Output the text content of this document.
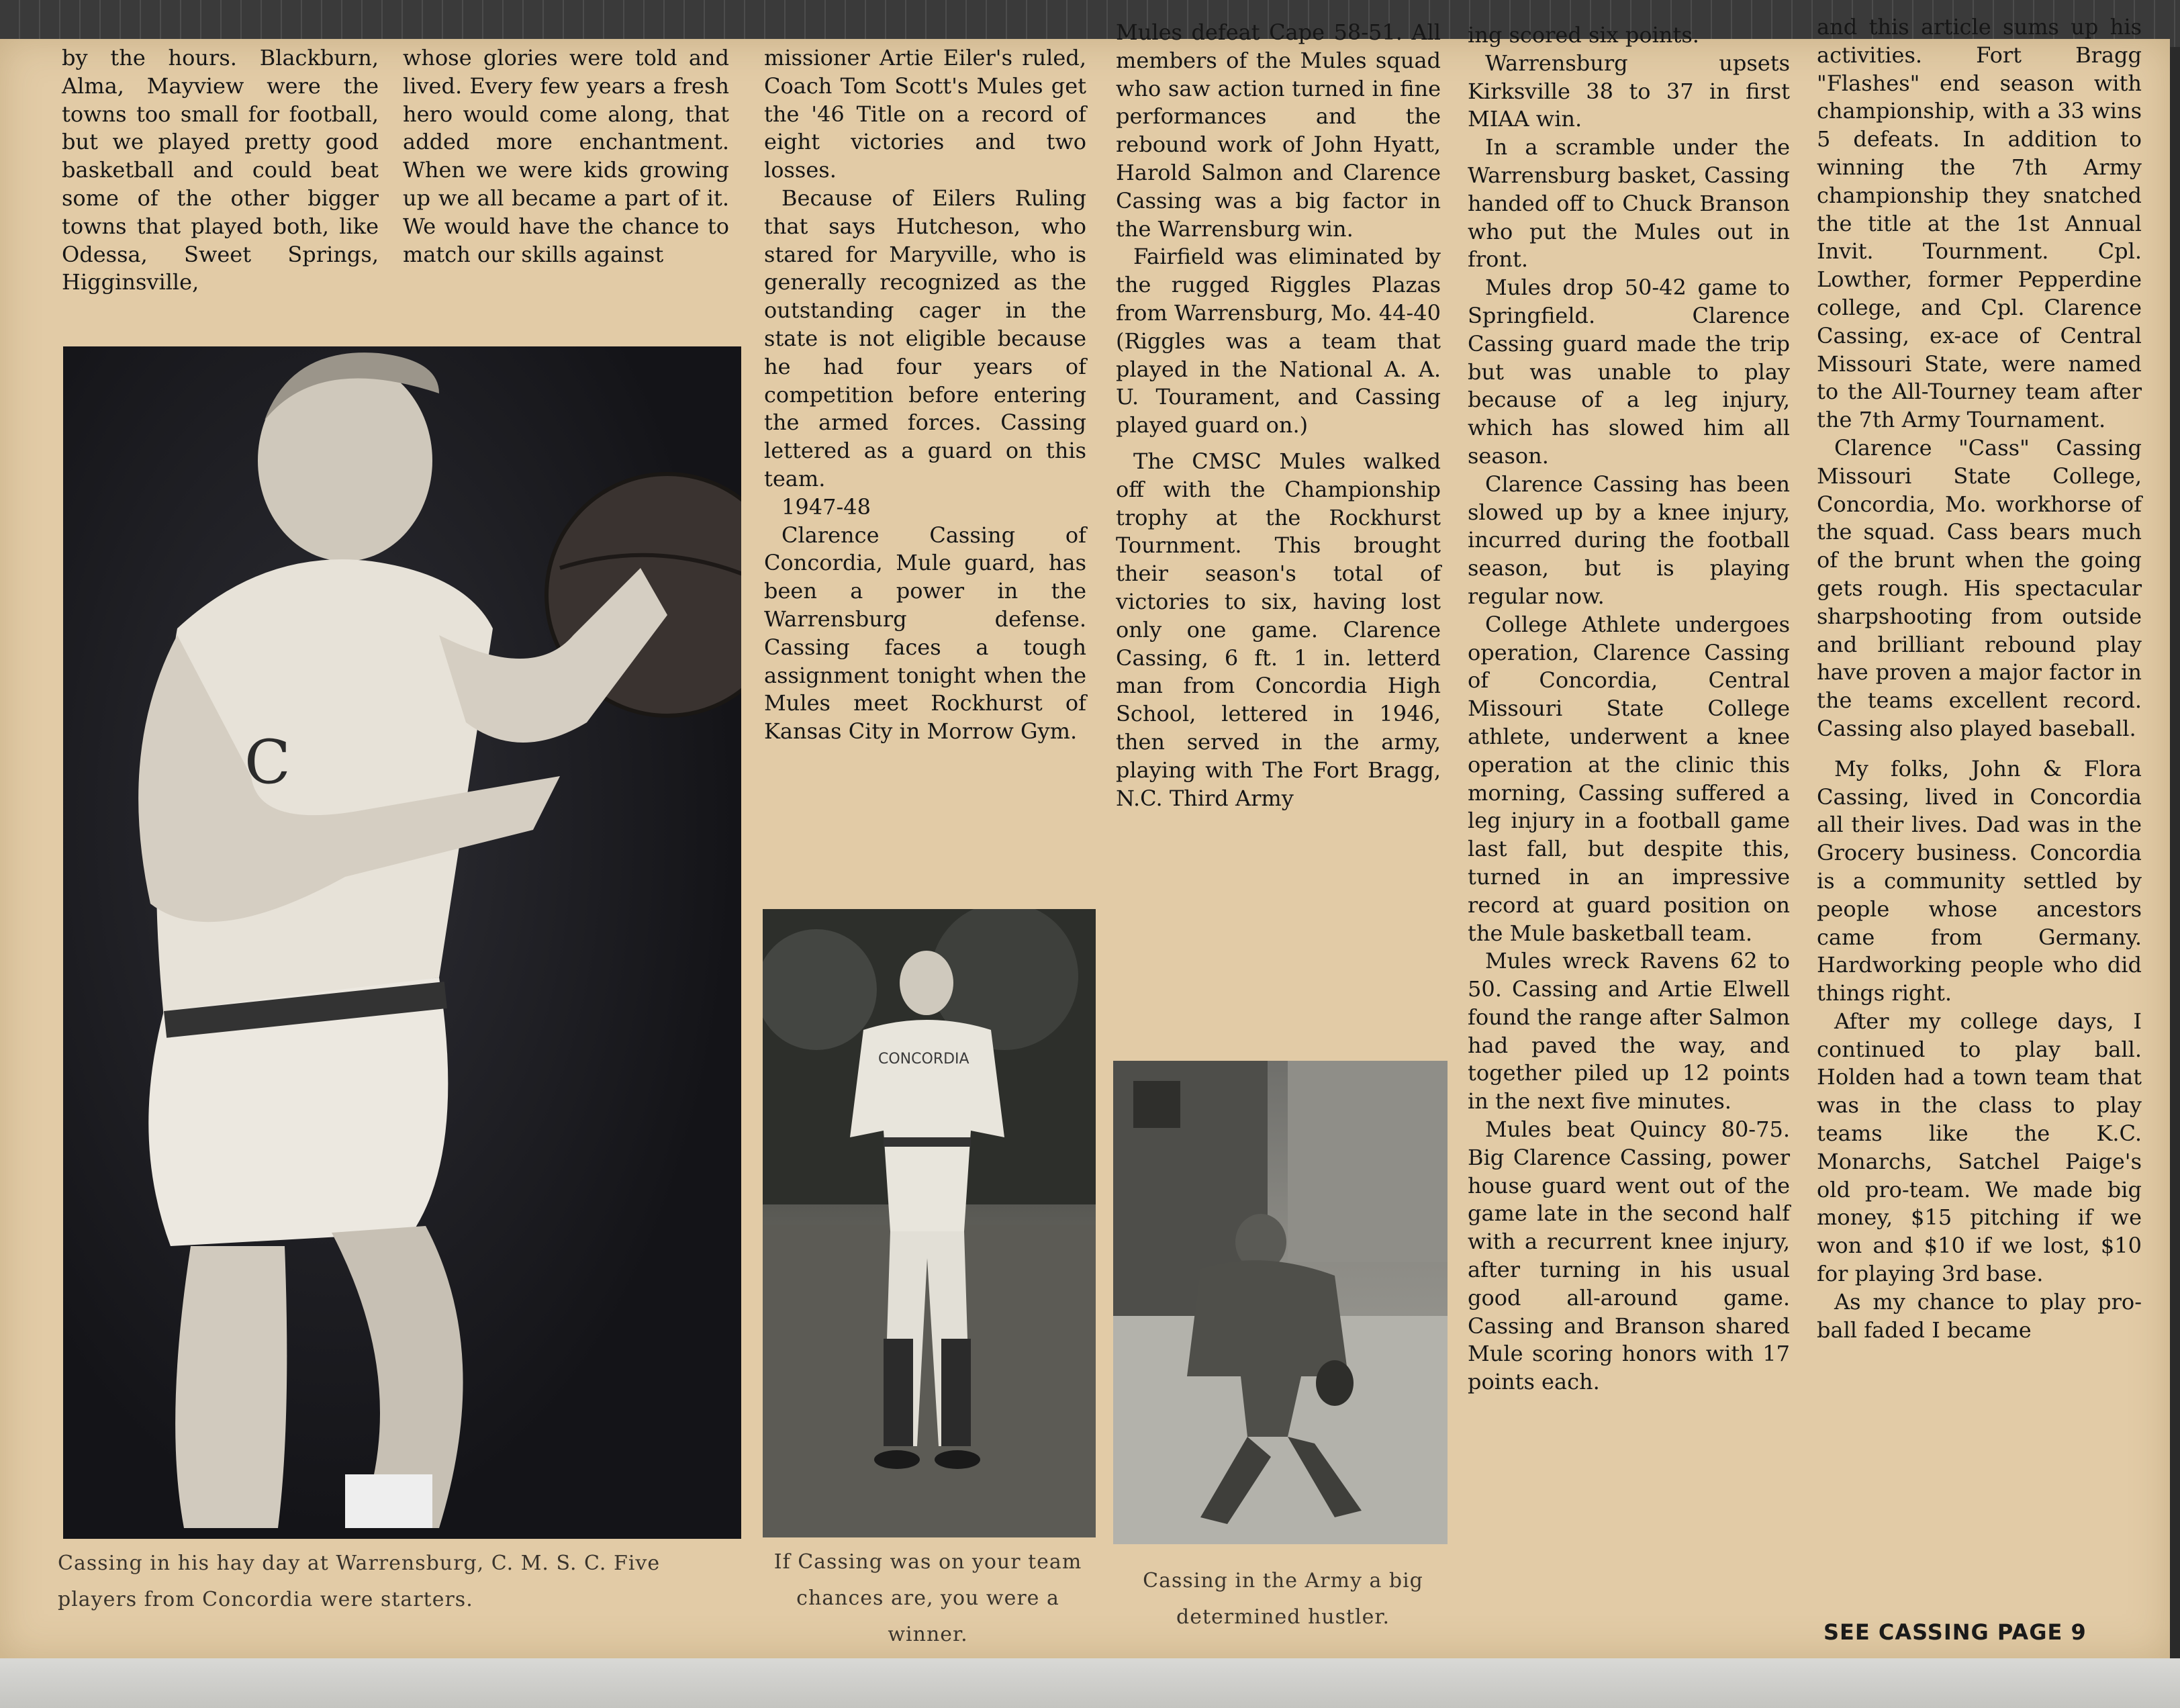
by the hours. Blackburn, Alma, Mayview were the towns too small for football, but we played pretty good basketball and could beat some of the other bigger towns that played both, like Odessa, Sweet Springs, Higginsville,

whose glories were told and lived. Every few years a fresh hero would come along, that added more enchantment. When we were kids growing up we all became a part of it. We would have the chance to match our skills against

missioner Artie Eiler's ruled, Coach Tom Scott's Mules get the '46 Title on a record of eight victories and two losses.

Because of Eilers Ruling that says Hutcheson, who stared for Maryville, who is generally recognized as the outstanding cager in the state is not eligible because he had four years of competition before entering the armed forces. Cassing lettered as a guard on this team.

1947-48

Clarence Cassing of Concordia, Mule guard, has been a power in the Warrensburg defense. Cassing faces a tough assignment tonight when the Mules meet Rockhurst of Kansas City in Morrow Gym.

Mules defeat Cape 58-51. All members of the Mules squad who saw action turned in fine performances and the rebound work of John Hyatt, Harold Salmon and Clarence Cassing was a big factor in the Warrensburg win.

Fairfield was eliminated by the rugged Riggles Plazas from Warrensburg, Mo. 44-40 (Riggles was a team that played in the National A. A. U. Tourament, and Cassing played guard on.)

The CMSC Mules walked off with the Championship trophy at the Rockhurst Tournment. This brought their season's total of victories to six, having lost only one game. Clarence Cassing, 6 ft. 1 in. letterd man from Concordia High School, lettered in 1946, then served in the army, playing with The Fort Bragg, N.C. Third Army

ing scored six points.

Warrensburg upsets Kirksville 38 to 37 in first MIAA win.

In a scramble under the Warrensburg basket, Cassing handed off to Chuck Branson who put the Mules out in front.

Mules drop 50-42 game to Springfield. Clarence Cassing guard made the trip but was unable to play because of a leg injury, which has slowed him all season.

Clarence Cassing has been slowed up by a knee injury, incurred during the football season, but is playing regular now.

College Athlete undergoes operation, Clarence Cassing of Concordia, Central Missouri State College athlete, underwent a knee operation at the clinic this morning, Cassing suffered a leg injury in a football game last fall, but despite this, turned in an impressive record at guard position on the Mule basketball team.

Mules wreck Ravens 62 to 50. Cassing and Artie Elwell found the range after Salmon had paved the way, and together piled up 12 points in the next five minutes.

Mules beat Quincy 80-75. Big Clarence Cassing, power house guard went out of the game late in the second half with a recurrent knee injury, after turning in his usual good all-around game. Cassing and Branson shared Mule scoring honors with 17 points each.

and this article sums up his activities. Fort Bragg "Flashes" end season with championship, with a 33 wins 5 defeats. In addition to winning the 7th Army championship they snatched the title at the 1st Annual Invit. Tournment. Cpl. Lowther, former Pepperdine college, and Cpl. Clarence Cassing, ex-ace of Central Missouri State, were named to the All-Tourney team after the 7th Army Tournament.

Clarence "Cass" Cassing Missouri State College, Concordia, Mo. workhorse of the squad. Cass bears much of the brunt when the going gets rough. His spectacular sharpshooting from outside and brilliant rebound play have proven a major factor in the teams excellent record. Cassing also played baseball.

My folks, John & Flora Cassing, lived in Concordia all their lives. Dad was in the Grocery business. Concordia is a community settled by people whose ancestors came from Germany. Hardworking people who did things right.

After my college days, I continued to play ball. Holden had a town team that was in the class to play teams like the K.C. Monarchs, Satchel Paige's old pro-team. We made big money, $15 pitching if we won and $10 if we lost, $10 for playing 3rd base.

As my chance to play pro-ball faded I became

C
Cassing in his hay day at Warrensburg, C. M. S. C. Five players from Concordia were starters.
CONCORDIA
If Cassing was on your team chances are, you were a winner.
Cassing in the Army a big determined hustler.
SEE CASSING PAGE 9
